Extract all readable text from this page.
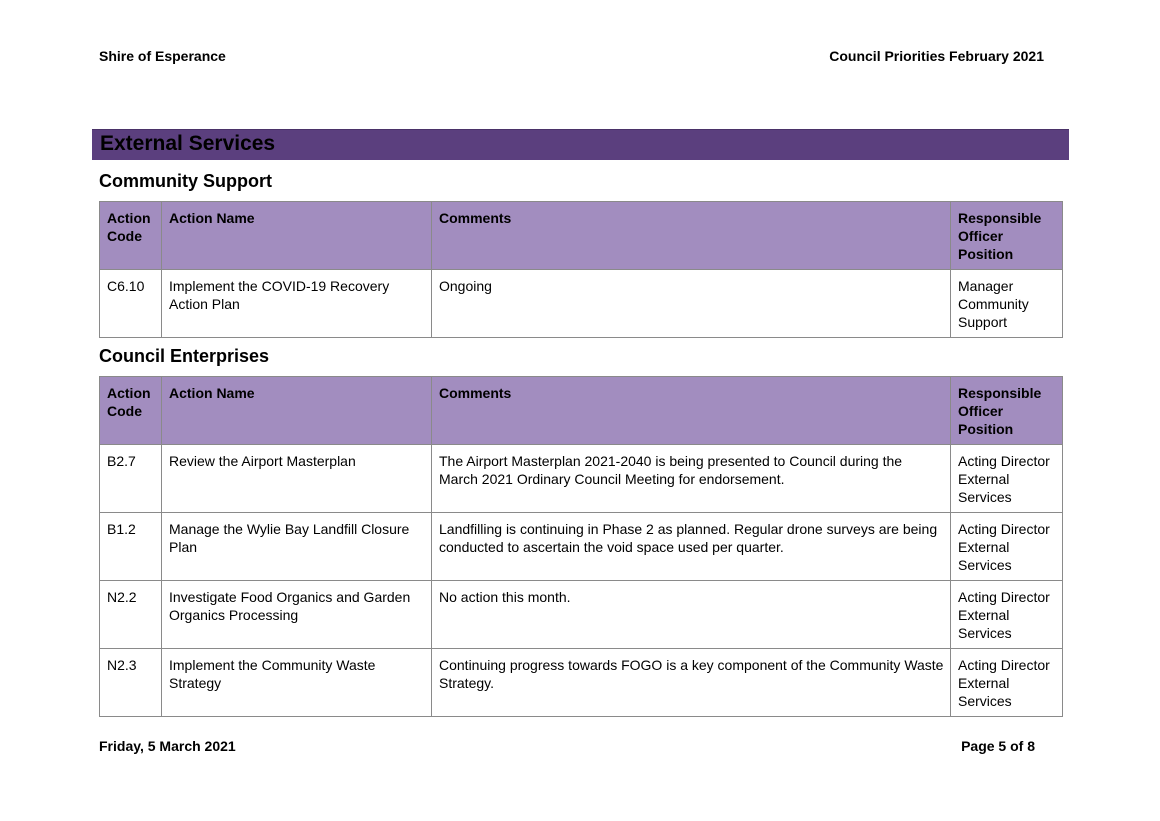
Shire of Esperance	Council Priorities February 2021
External Services
Community Support
Action Code	Action Name	Comments	Responsible Officer Position
C6.10	Implement the COVID-19 Recovery Action Plan	Ongoing	Manager Community Support
Council Enterprises
Action Code	Action Name	Comments	Responsible Officer Position
B2.7	Review the Airport Masterplan	The Airport Masterplan 2021-2040 is being presented to Council during the March 2021 Ordinary Council Meeting for endorsement.	Acting Director External Services
B1.2	Manage the Wylie Bay Landfill Closure Plan	Landfilling is continuing in Phase 2 as planned. Regular drone surveys are being conducted to ascertain the void space used per quarter.	Acting Director External Services
N2.2	Investigate Food Organics and Garden Organics Processing	No action this month.	Acting Director External Services
N2.3	Implement the Community Waste Strategy	Continuing progress towards FOGO is a key component of the Community Waste Strategy.	Acting Director External Services
Friday, 5 March 2021	Page 5 of 8
